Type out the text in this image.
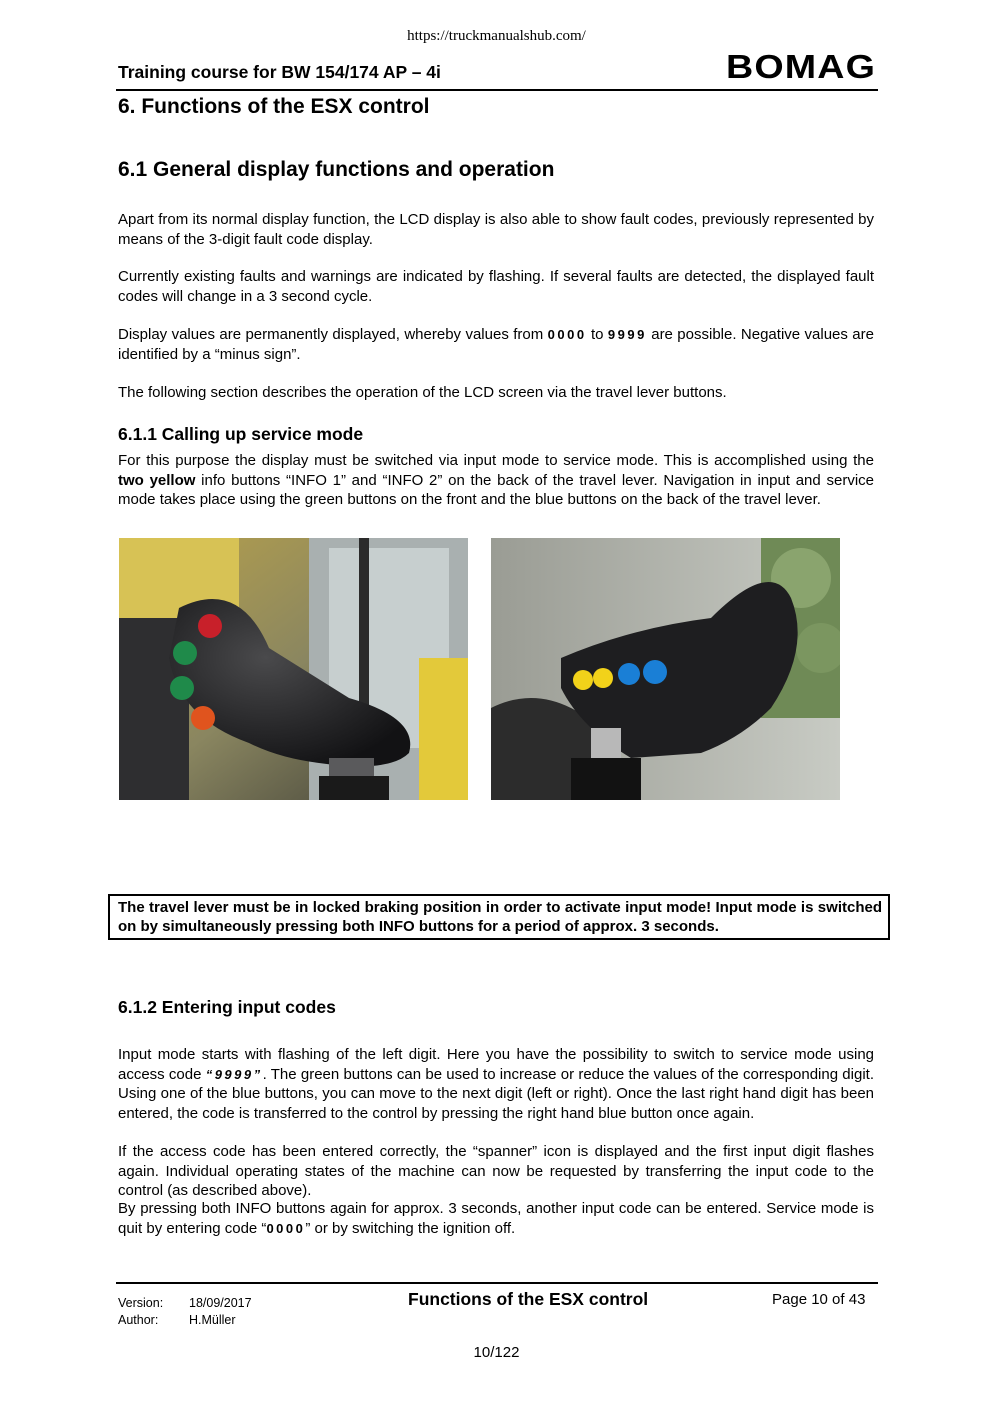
https://truckmanualshub.com/
Training course for BW 154/174 AP – 4i	BOMAG
6. Functions of the ESX control
6.1 General display functions and operation

Apart from its normal display function, the LCD display is also able to show fault codes, previously represented by means of the 3-digit fault code display.

Currently existing faults and warnings are indicated by flashing. If several faults are detected, the displayed fault codes will change in a 3 second cycle.

Display values are permanently displayed, whereby values from 0000 to 9999 are possible. Negative values are identified by a “minus sign”.

The following section describes the operation of the LCD screen via the travel lever buttons.

6.1.1 Calling up service mode

For this purpose the display must be switched via input mode to service mode. This is accomplished using the two yellow info buttons “INFO 1” and “INFO 2” on the back of the travel lever. Navigation in input and service mode takes place using the green buttons on the front and the blue buttons on the back of the travel lever.

The travel lever must be in locked braking position in order to activate input mode! Input mode is switched on by simultaneously pressing both INFO buttons for a period of approx. 3 seconds.
6.1.2 Entering input codes

Input mode starts with flashing of the left digit. Here you have the possibility to switch to service mode using access code “9999”. The green buttons can be used to increase or reduce the values of the corresponding digit. Using one of the blue buttons, you can move to the next digit (left or right). Once the last right hand digit has been entered, the code is transferred to the control by pressing the right hand blue button once again.

If the access code has been entered correctly, the “spanner” icon is displayed and the first input digit flashes again. Individual operating states of the machine can now be requested by transferring the input code to the control (as described above).

By pressing both INFO buttons again for approx. 3 seconds, another input code can be entered. Service mode is quit by entering code “0000” or by switching the ignition off.

Version: 18/09/2017
Author: H.Müller
Functions of the ESX control	Page 10 of 43
10/122
